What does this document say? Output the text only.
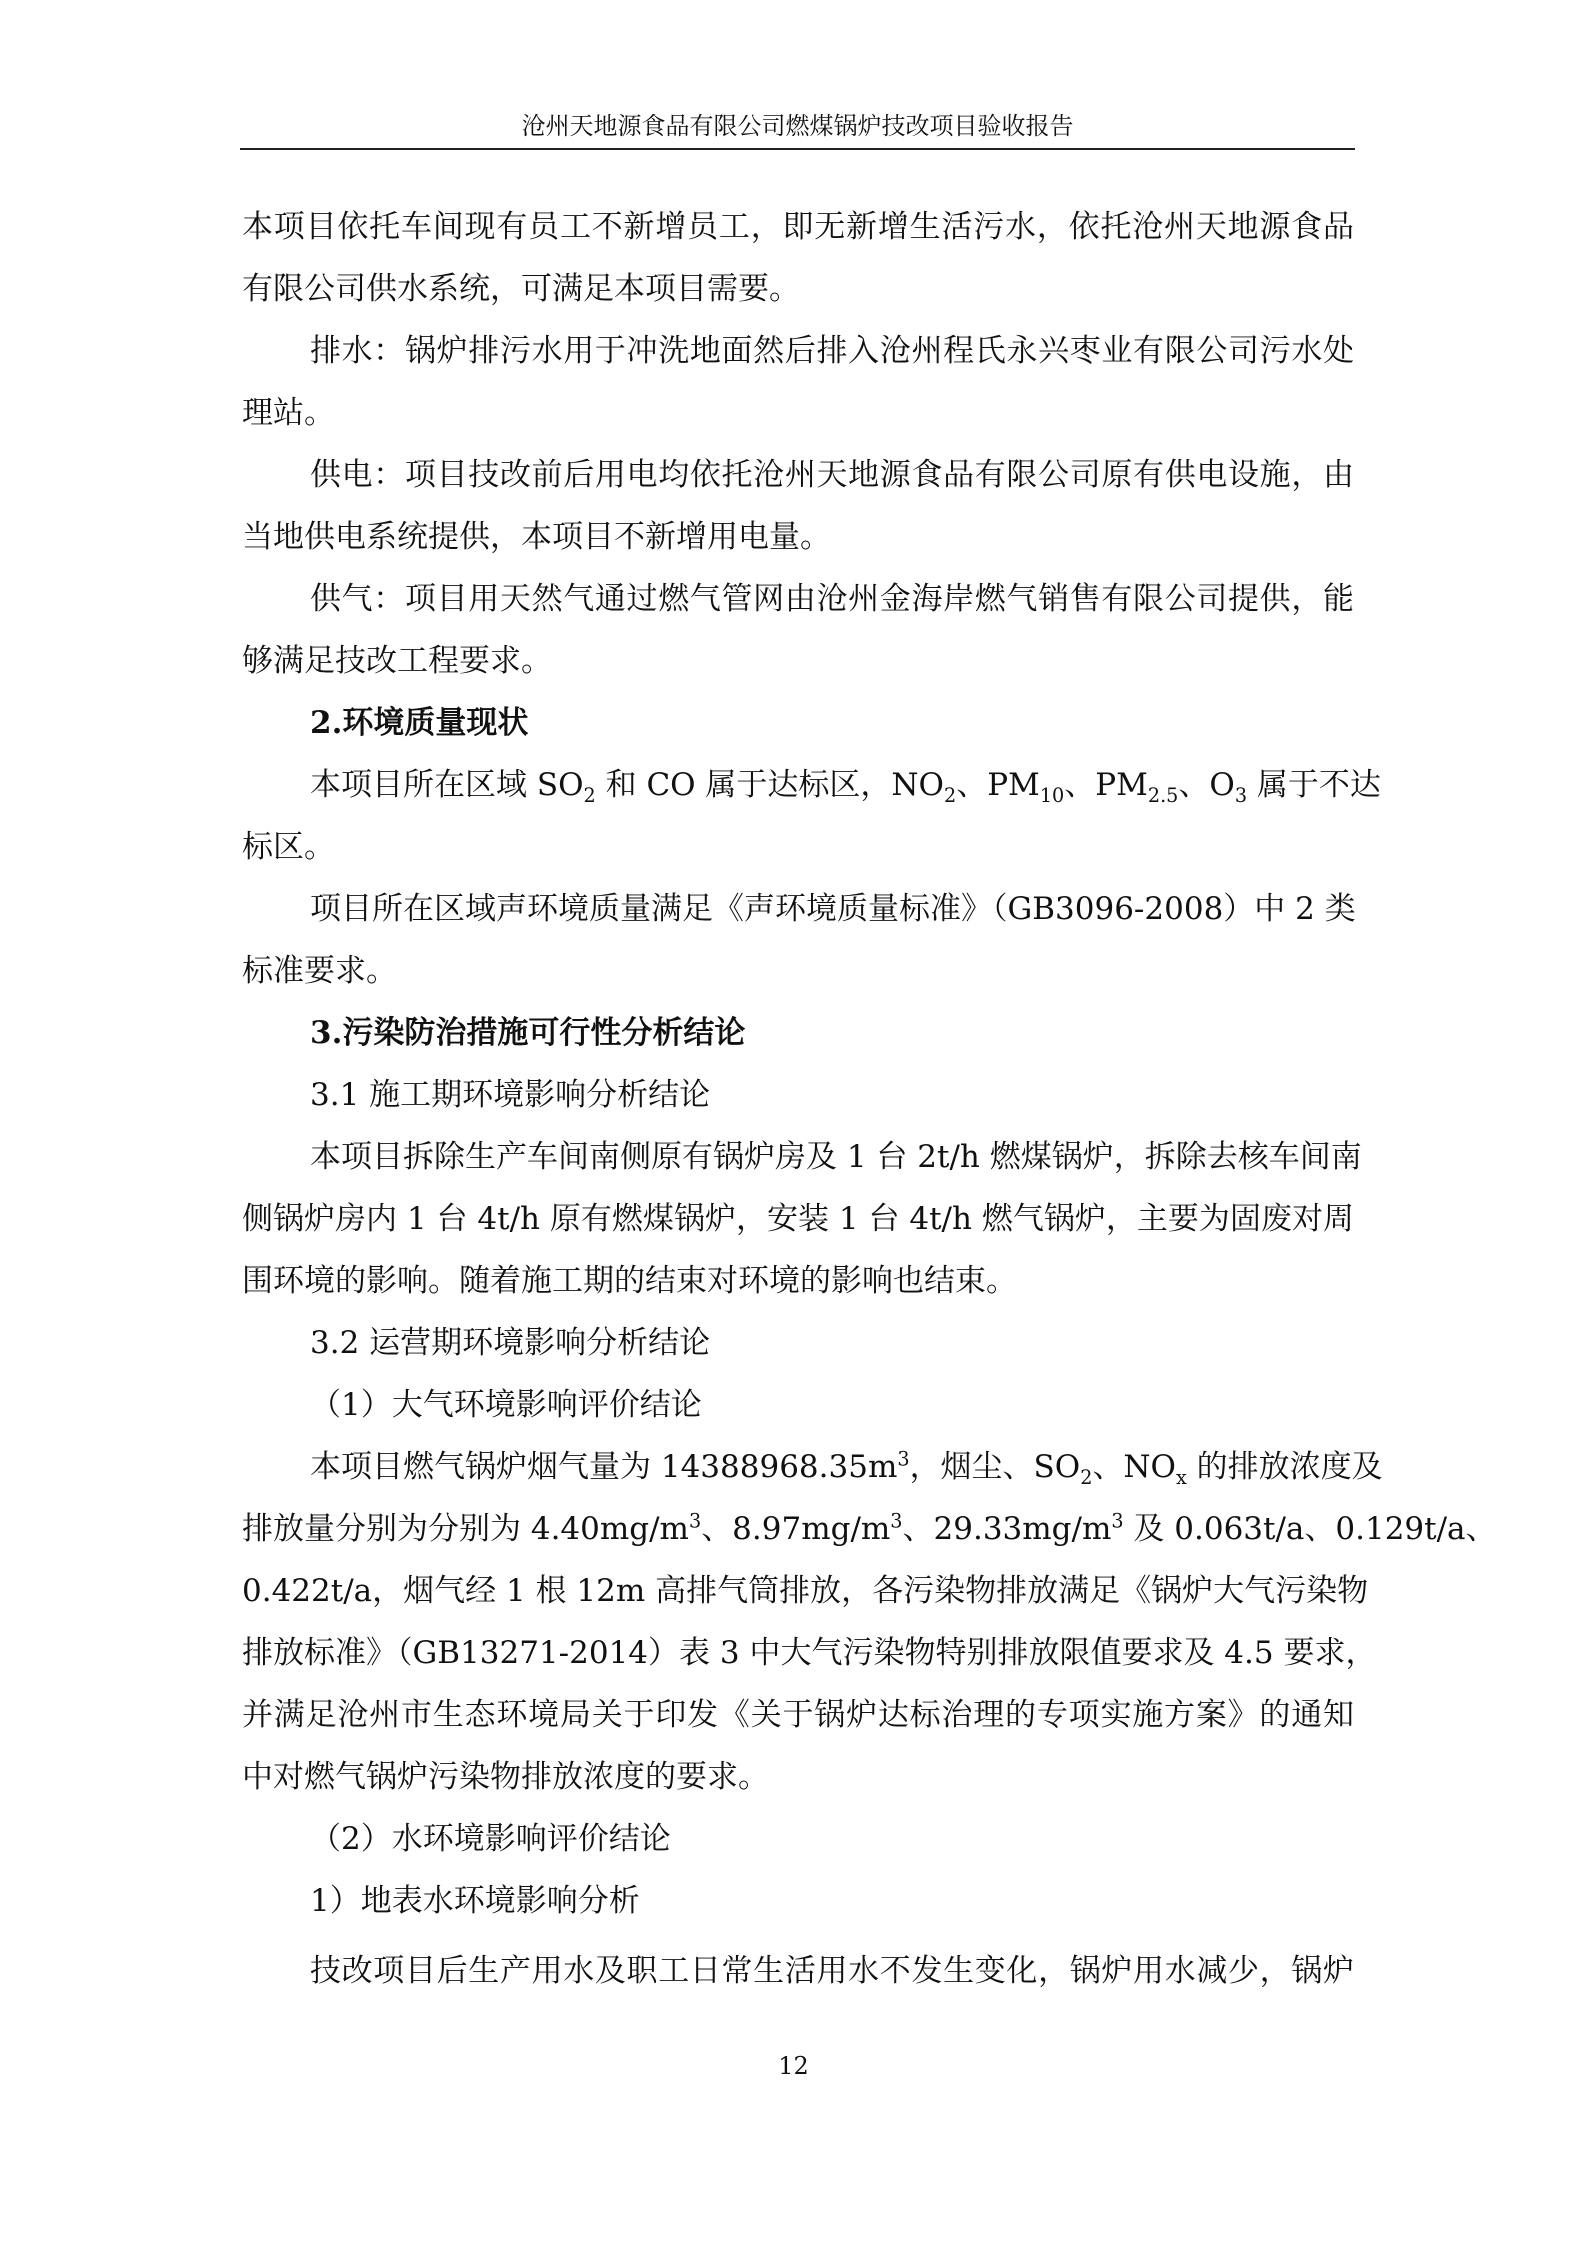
沧州天地源食品有限公司燃煤锅炉技改项目验收报告
本项目依托车间现有员工不新增员工，即无新增生活污水，依托沧州天地源食品
有限公司供水系统，可满足本项目需要。
排水：锅炉排污水用于冲洗地面然后排入沧州程氏永兴枣业有限公司污水处
理站。
供电：项目技改前后用电均依托沧州天地源食品有限公司原有供电设施，由
当地供电系统提供，本项目不新增用电量。
供气：项目用天然气通过燃气管网由沧州金海岸燃气销售有限公司提供，能
够满足技改工程要求。
2.环境质量现状
本项目所在区域 $SO_2$ 和 CO 属于达标区，$NO_2$、$PM_{10}$、$PM_{2.5}$、$O_3$ 属于不达
标区。
项目所在区域声环境质量满足《声环境质量标准》（GB3096-2008）中 2 类
标准要求。
3.污染防治措施可行性分析结论
3.1 施工期环境影响分析结论
本项目拆除生产车间南侧原有锅炉房及 1 台 2t/h 燃煤锅炉，拆除去核车间南
侧锅炉房内 1 台 4t/h 原有燃煤锅炉，安装 1 台 4t/h 燃气锅炉，主要为固废对周
围环境的影响。随着施工期的结束对环境的影响也结束。
3.2 运营期环境影响分析结论
（1）大气环境影响评价结论
本项目燃气锅炉烟气量为 $14388968.35m^3$，烟尘、$SO_2$、$NO_x$ 的排放浓度及
排放量分别为分别为 $4.40mg/m^3$、$8.97mg/m^3$、$29.33mg/m^3$ 及 0.063t/a、0.129t/a、
0.422t/a，烟气经 1 根 12m 高排气筒排放，各污染物排放满足《锅炉大气污染物
排放标准》（GB13271-2014）表 3 中大气污染物特别排放限值要求及 4.5 要求，
并满足沧州市生态环境局关于印发《关于锅炉达标治理的专项实施方案》的通知
中对燃气锅炉污染物排放浓度的要求。
（2）水环境影响评价结论
1）地表水环境影响分析
技改项目后生产用水及职工日常生活用水不发生变化，锅炉用水减少，锅炉
12
